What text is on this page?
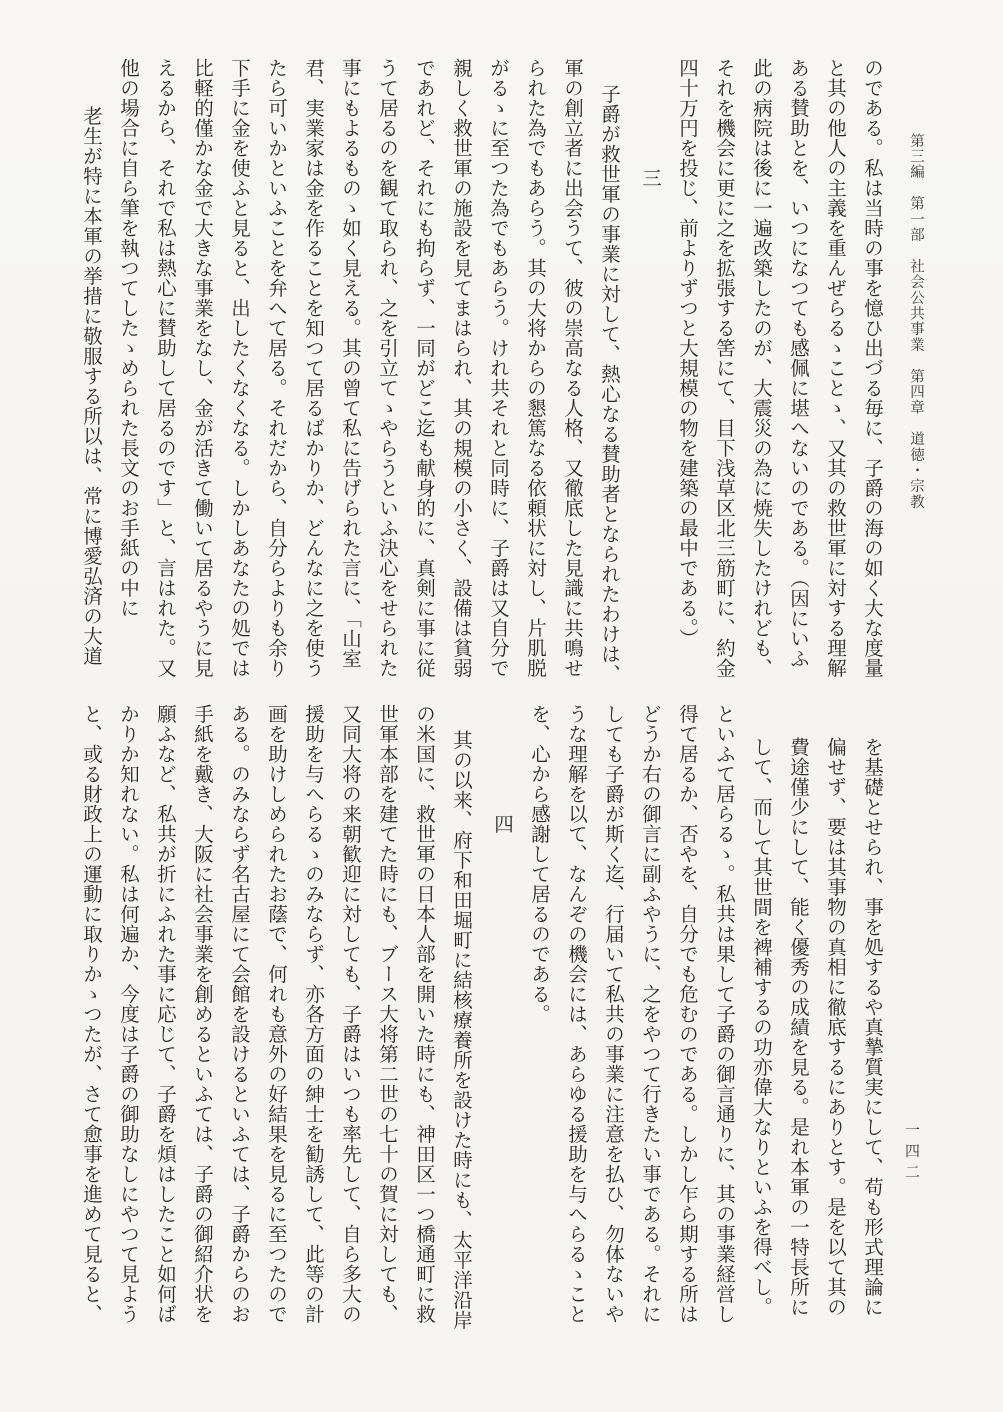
第三編　第一部　社会公共事業　第四章　道徳・宗教
のである。私は当時の事を憶ひ出づる毎に、子爵の海の如く大な度量
と其の他人の主義を重んぜらるゝことゝ、又其の救世軍に対する理解
ある賛助とを、いつになつても感佩に堪へないのである。（因にいふ
此の病院は後に一遍改築したのが、大震災の為に焼失したけれども、
それを機会に更に之を拡張する筈にて、目下浅草区北三筋町に、約金
四十万円を投じ、前よりずつと大規模の物を建築の最中である。）
三
子爵が救世軍の事業に対して、熱心なる賛助者となられたわけは、
軍の創立者に出会うて、彼の崇高なる人格、又徹底した見識に共鳴せ
られた為でもあらう。其の大将からの懇篤なる依頼状に対し、片肌脱
がるゝに至つた為でもあらう。けれ共それと同時に、子爵は又自分で
親しく救世軍の施設を見てまはられ、其の規模の小さく、設備は貧弱
であれど、それにも拘らず、一同がどこ迄も献身的に、真剣に事に従
うて居るのを観て取られ、之を引立てゝやらうといふ決心をせられた
事にもよるものゝ如く見える。其の曾て私に告げられた言に、「山室
君、実業家は金を作ることを知つて居るばかりか、どんなに之を使う
たら可いかといふことを弁へて居る。それだから、自分らよりも余り
下手に金を使ふと見ると、出したくなくなる。しかしあなたの処では
比軽的僅かな金で大きな事業をなし、金が活きて働いて居るやうに見
えるから、それで私は熱心に賛助して居るのです」と、言はれた。又
他の場合に自ら筆を執つてしたゝめられた長文のお手紙の中に
老生が特に本軍の挙措に敬服する所以は、常に博愛弘済の大道
を基礎とせられ、事を処するや真摯質実にして、苟も形式理論に
偏せず、要は其事物の真相に徹底するにありとす。是を以て其の
費途僅少にして、能く優秀の成績を見る。是れ本軍の一特長所に
して、而して其世間を裨補するの功亦偉大なりといふを得べし。
といふて居らるゝ。私共は果して子爵の御言通りに、其の事業経営し
得て居るか、否やを、自分でも危むのである。しかし乍ら期する所は
どうか右の御言に副ふやうに、之をやつて行きたい事である。それに
しても子爵が斯く迄、行届いて私共の事業に注意を払ひ、勿体ないや
うな理解を以て、なんぞの機会には、あらゆる援助を与へらるゝこと
を、心から感謝して居るのである。
四
其の以来、府下和田堀町に結核療養所を設けた時にも、太平洋沿岸
の米国に、救世軍の日本人部を開いた時にも、神田区一つ橋通町に救
世軍本部を建てた時にも、ブース大将第二世の七十の賀に対しても、
又同大将の来朝歓迎に対しても、子爵はいつも率先して、自ら多大の
援助を与へらるゝのみならず、亦各方面の紳士を勧誘して、此等の計
画を助けしめられたお蔭で、何れも意外の好結果を見るに至つたので
ある。のみならず名古屋にて会館を設けるといふては、子爵からのお
手紙を戴き、大阪に社会事業を創めるといふては、子爵の御紹介状を
願ふなど、私共が折にふれた事に応じて、子爵を煩はしたこと如何ば
かりか知れない。私は何遍か、今度は子爵の御助なしにやつて見よう
と、或る財政上の運動に取りかゝつたが、さて愈事を進めて見ると、	一四二
